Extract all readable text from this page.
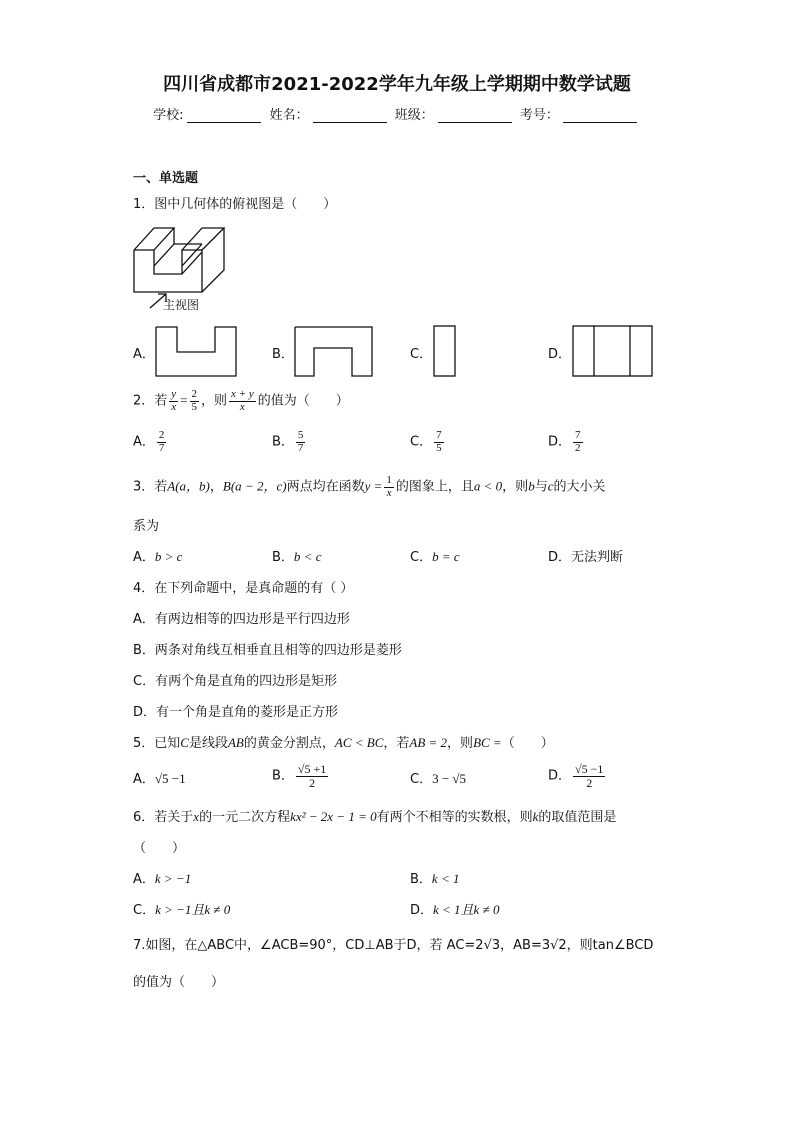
四川省成都市2021-2022学年九年级上学期期中数学试题
学校:	姓名：	班级：	考号：
一、单选题
1．图中几何体的俯视图是（　　）
主视图
A．	B．	C．	D．
2．若 $\frac{y}{x} = \frac{2}{5}$ ，则 $\frac{x + y}{x}$ 的值为（　　）
A． $\frac{2}{7}$	B． $\frac{5}{7}$	C． $\frac{7}{5}$	D． $\frac{7}{2}$
3．若A(a，b)，B(a − 2，c)两点均在函数$y = \frac{1}{x}$ 的图象上，且a < 0，则b与c的大小关
系为
A．b > c	B．b < c	C．b = c	D．无法判断
4．在下列命题中，是真命题的有（ ）
A．有两边相等的四边形是平行四边形
B．两条对角线互相垂直且相等的四边形是菱形
C．有两个角是直角的四边形是矩形
D．有一个角是直角的菱形是正方形
5．已知C是线段AB的黄金分割点，AC < BC，若AB = 2，则BC =（　　）
A．√5 −1	B． $\frac{√5 +1}{2}$	C．3 − √5	D． $\frac{√5 -1}{2}$
6．若关于x的一元二次方程kx² − 2x − 1 = 0有两个不相等的实数根，则k的取值范围是
（　　）
A．k > −1	B．k < 1
C．k > −1且k ≠ 0	D．k < 1且k ≠ 0
7.如图，在△ABC中，∠ACB=90°，CD⊥AB于D，若 AC=2√3，AB=3√2，则tan∠BCD
的值为（　　）
